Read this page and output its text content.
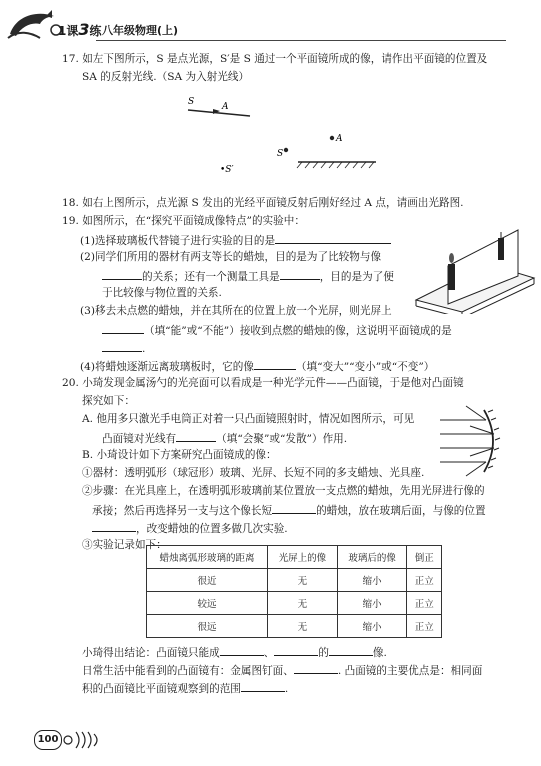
1课3练 八年级物理(上)
17. 如左下图所示，S 是点光源，S′是 S 通过一个平面镜所成的像，请作出平面镜的位置及
SA 的反射光线.（SA 为入射光线）
S	A
•S′
S
A
18. 如右上图所示，点光源 S 发出的光经平面镜反射后刚好经过 A 点，请画出光路图.
19. 如图所示，在“探究平面镜成像特点”的实验中：
(1)选择玻璃板代替镜子进行实验的目的是
(2)同学们所用的器材有两支等长的蜡烛，目的是为了比较物与像
的关系；还有一个测量工具是	，目的是为了便
于比较像与物位置的关系.
(3)移去未点燃的蜡烛，并在其所在的位置上放一个光屏，则光屏上
（填“能”或“不能”）接收到点燃的蜡烛的像，这说明平面镜成的是
.
(4)将蜡烛逐渐远离玻璃板时，它的像	（填“变大”“变小”或“不变”）
20. 小琦发现金属汤勺的光亮面可以看成是一种光学元件——凸面镜，于是他对凸面镜
探究如下：
A. 他用多只激光手电筒正对着一只凸面镜照射时，情况如图所示，可见
凸面镜对光线有	（填“会聚”或“发散”）作用.
B. 小琦设计如下方案研究凸面镜成的像：
①器材：透明弧形（球冠形）玻璃、光屏、长短不同的多支蜡烛、光具座.
②步骤：在光具座上，在透明弧形玻璃前某位置放一支点燃的蜡烛，先用光屏进行像的
承接；然后再选择另一支与这个像长短	的蜡烛，放在玻璃后面，与像的位置
，改变蜡烛的位置多做几次实验.
③实验记录如下：
蜡烛离弧形玻璃的距离	光屏上的像	玻璃后的像	倒正
很近	无	缩小	正立
较远	无	缩小	正立
很远	无	缩小	正立
小琦得出结论：凸面镜只能成	、	的	像.
日常生活中能看到的凸面镜有：金属图钉面、	. 凸面镜的主要优点是：相同面
积的凸面镜比平面镜观察到的范围	.
100
